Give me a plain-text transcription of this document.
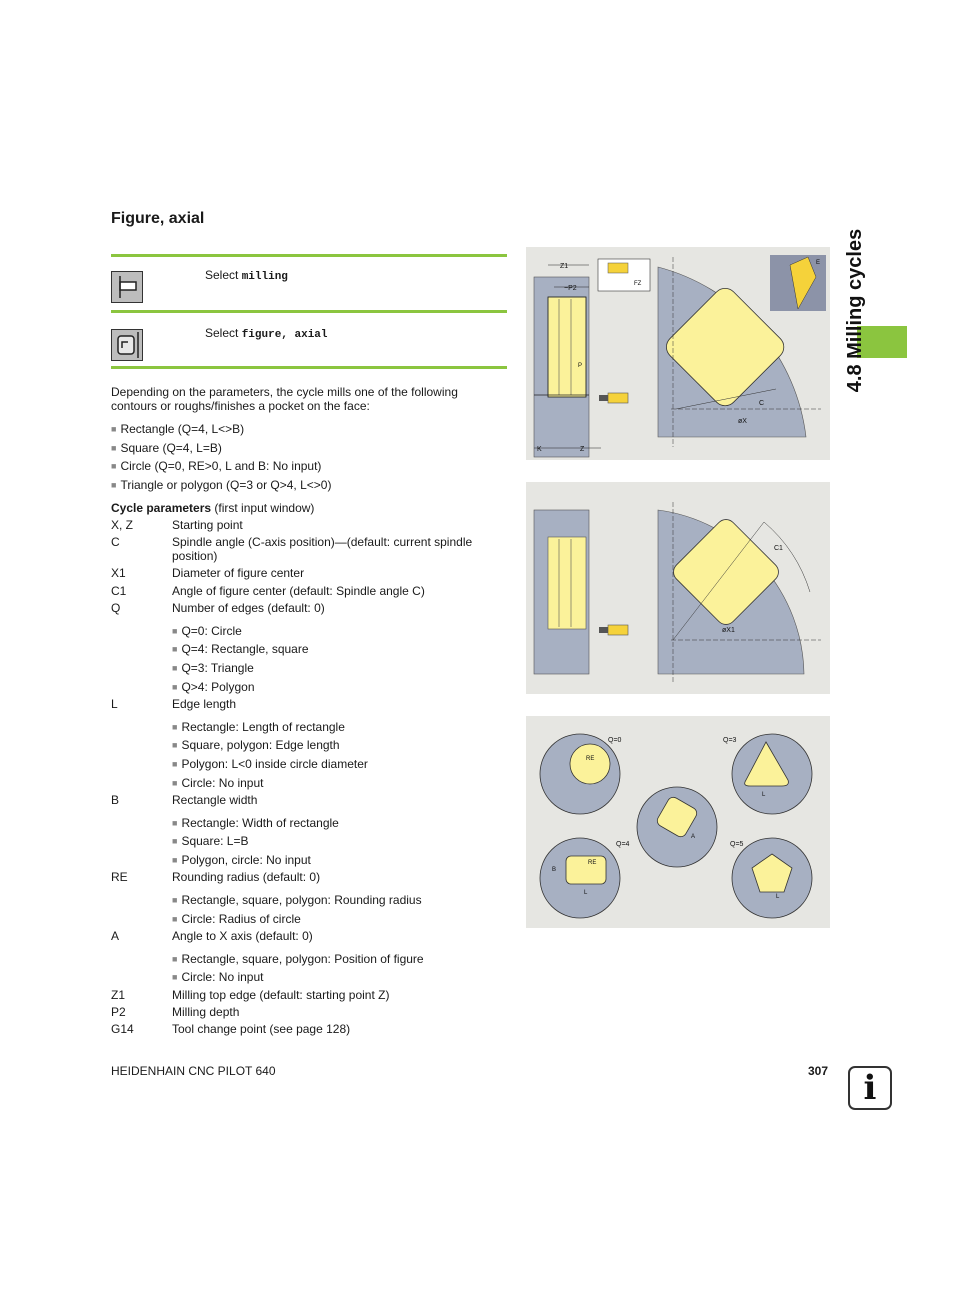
Figure, axial
Select milling
Select figure, axial
Depending on the parameters, the cycle mills one of the following contours or roughs/finishes a pocket on the face:
■ Rectangle (Q=4, L<>B)
■ Square (Q=4, L=B)
■ Circle (Q=0, RE>0, L and B: No input)
■ Triangle or polygon (Q=3 or Q>4, L<>0)
Cycle parameters (first input window)
X, Z	Starting point
C	Spindle angle (C-axis position)—(default: current spindle position)
X1	Diameter of figure center
C1	Angle of figure center (default: Spindle angle C)
Q	Number of edges (default: 0)
■ Q=0: Circle
■ Q=4: Rectangle, square
■ Q=3: Triangle
■ Q>4: Polygon
L	Edge length
■ Rectangle: Length of rectangle
■ Square, polygon: Edge length
■ Polygon: L<0 inside circle diameter
■ Circle: No input
B	Rectangle width
■ Rectangle: Width of rectangle
■ Square: L=B
■ Polygon, circle: No input
RE	Rounding radius (default: 0)
■ Rectangle, square, polygon: Rounding radius
■ Circle: Radius of circle
A	Angle to X axis (default: 0)
■ Rectangle, square, polygon: Position of figure
■ Circle: No input
Z1	Milling top edge (default: starting point Z)
P2	Milling depth
G14	Tool change point (see page 128)
4.8 Milling cycles
Z1
−P2
P
K	Z
FZ
C
øX
E
C1
øX1
Q=0
RE
Q=3
L
A
Q=4
RE
B
L
Q=5
L
HEIDENHAIN CNC PILOT 640	307	i
